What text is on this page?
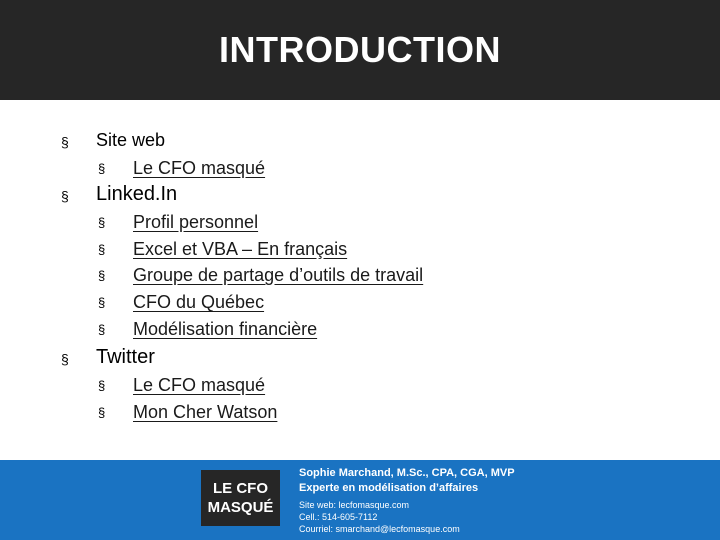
INTRODUCTION
§ Site web
§ Le CFO masqué
§ Linked.In
§ Profil personnel
§ Excel et VBA – En français
§ Groupe de partage d’outils de travail
§ CFO du Québec
§ Modélisation financière
§ Twitter
§ Le CFO masqué
§ Mon Cher Watson
LE CFO
MASQUÉ
Sophie Marchand, M.Sc., CPA, CGA, MVP
Experte en modélisation d’affaires
Site web: lecfomasque.com
Cell.: 514-605-7112
Courriel: smarchand@lecfomasque.com
